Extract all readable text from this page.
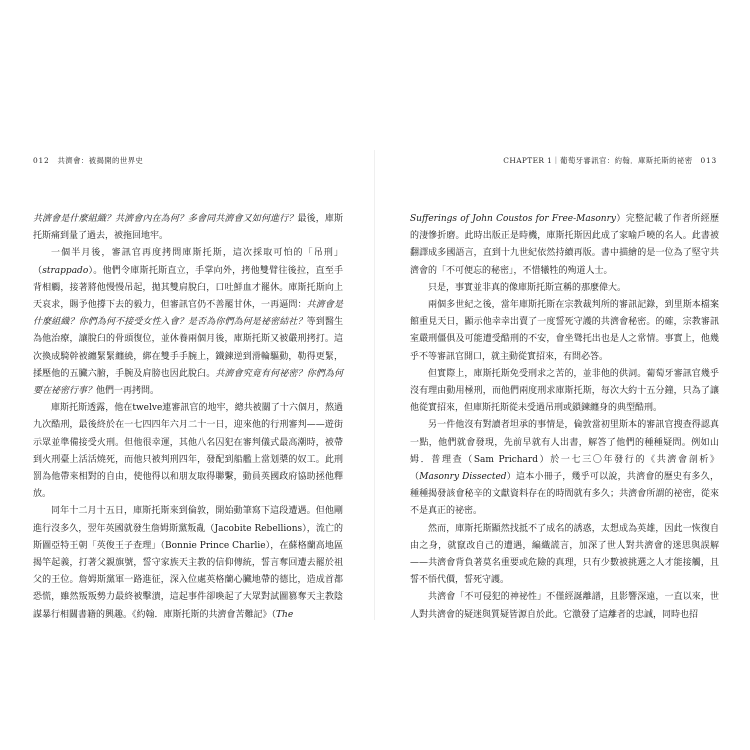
012 共濟會：被揭開的世界史

共濟會是什麼組織？共濟會內在為何？多會同共濟會又如何進行？最後，庫斯托斯痛到量了過去，被拖回地牢。

一個半月後，審訊官再度拷問庫斯托斯，這次採取可怕的「吊刑」（strappado）。他們令庫斯托斯直立，手掌向外，拷他雙臂往後拉，直至手背相觸，接著將他慢慢吊起，拋其雙肩脫臼，口吐鮮血才罷休。庫斯托斯向上天哀求，賜予他撐下去的毅力，但審訊官仍不善罷甘休，一再逼問：共濟會是什麼組織？你們為何不接受女性入會？是否為你們為何是祕密結社？等到醫生為他治療，讓脫臼的骨頭復位，並休養兩個月後，庫斯托斯又被嚴刑拷打。這次換成騎幹被纏緊緊纏繞，綁在雙手手腕上，鐵鍊逆到滑輪驅動，勒得更緊，揉壓他的五臟六腑，手腕及肩膀也因此脫臼。共濟會究竟有何祕密？你們為何要在祕密行事？他們一再拷問。

庫斯托斯透露，他在twelve連審訊官的地牢，總共被關了十六個月，熬過九次酷刑，最後終於在一七四四年六月二十一日，迎來他的行刑審判——遊街示眾並準備接受火刑。但他很幸運，其他八名囚犯在審判儀式最高潮時，被帶到火刑臺上活活燒死，而他只被判刑四年，發配到船艦上當划槳的奴工。此刑罰為他帶來相對的自由，使他得以和朋友取得聯繫，動員英國政府協助拯他釋放。

同年十二月十五日，庫斯托斯來到倫敦，開始動筆寫下這段遭遇。但他剛進行沒多久，翌年英國就發生詹姆斯黨叛亂（Jacobite Rebellions），流亡的斯圖亞特王朝「英俊王子查理」（Bonnie Prince Charlie），在蘇格蘭高地區揭竿起義，打著父親旗號，誓守家族天主教的信仰傳統，誓言奪回遭去罷於祖父的王位。詹姆斯黨軍一路進征，深入位處英格蘭心臟地帶的德比，造成首都恐慌，雖然叛叛勢力最終被擊潰，這起事件卻喚起了大眾對試圖篡奪天主教陰謀暴行相關書籍的興趣。《約翰．庫斯托斯的共濟會苦難記》（The

CHAPTER 1｜葡萄牙審訊官：約翰．庫斯托斯的祕密 013

Sufferings of John Coustos for Free-Masonry）完整記載了作者所經歷的淒慘折磨。此時出版正是時機，庫斯托斯因此成了家喻戶曉的名人。此書被翻譯成多國語言，直到十九世紀依然持續再版。書中描繪的是一位為了堅守共濟會的「不可便忘的秘密」，不惜犧牲的殉道人士。

只是，事實並非真的像庫斯托斯宣稱的那麼偉大。

兩個多世紀之後，當年庫斯托斯在宗教裁判所的審訊記錄，到里斯本檔案館重見天日，顯示他幸幸出賣了一度誓死守護的共濟會秘密。的確，宗教審訊室嚴刑僵俱及可能遭受酷刑的不安，會坐聳托出也是人之常情。事實上，他幾乎不等審訊官開口，就主動從實招來，有問必答。

但實際上，庫斯托斯免受刑求之苦的，並非他的供詞。葡萄牙審訊官幾乎沒有理由動用極刑，而他們兩度刑求庫斯托斯，每次大約十五分鐘，只為了讓他從實招來，但庫斯托斯從未受過吊刑或鎖鍊纏身的典型酷刑。

另一件他沒有對讀者坦承的事情是，倫敦當初里斯本的審訊官搜查得認真一點，他們就會發現，先前早就有人出書，解答了他們的種種疑問。例如山姆．普理查（Sam Prichard）於一七三〇年發行的《共濟會剖析》（Masonry Dissected）這本小冊子，幾乎可以說，共濟會的歷史有多久，種種揭發該會秘辛的文獻資料存在的時間就有多久；共濟會所謂的祕密，從來不是真正的祕密。

然而，庫斯托斯顯然找抵不了成名的誘惑，太想成為英雄，因此一恢復自由之身，就竄改自己的遭遇，編織謊言，加深了世人對共濟會的迷思與誤解——共濟會背負著莫名重要或危險的真理，只有少數被挑選之人才能接觸，且誓不悟代價，誓死守護。

共濟會「不可侵犯的神祕性」不僅經誕離譜，且影響深遠，一直以來，世人對共濟會的疑迷與質疑皆源自於此。它激發了這離者的忠誠，同時也招
